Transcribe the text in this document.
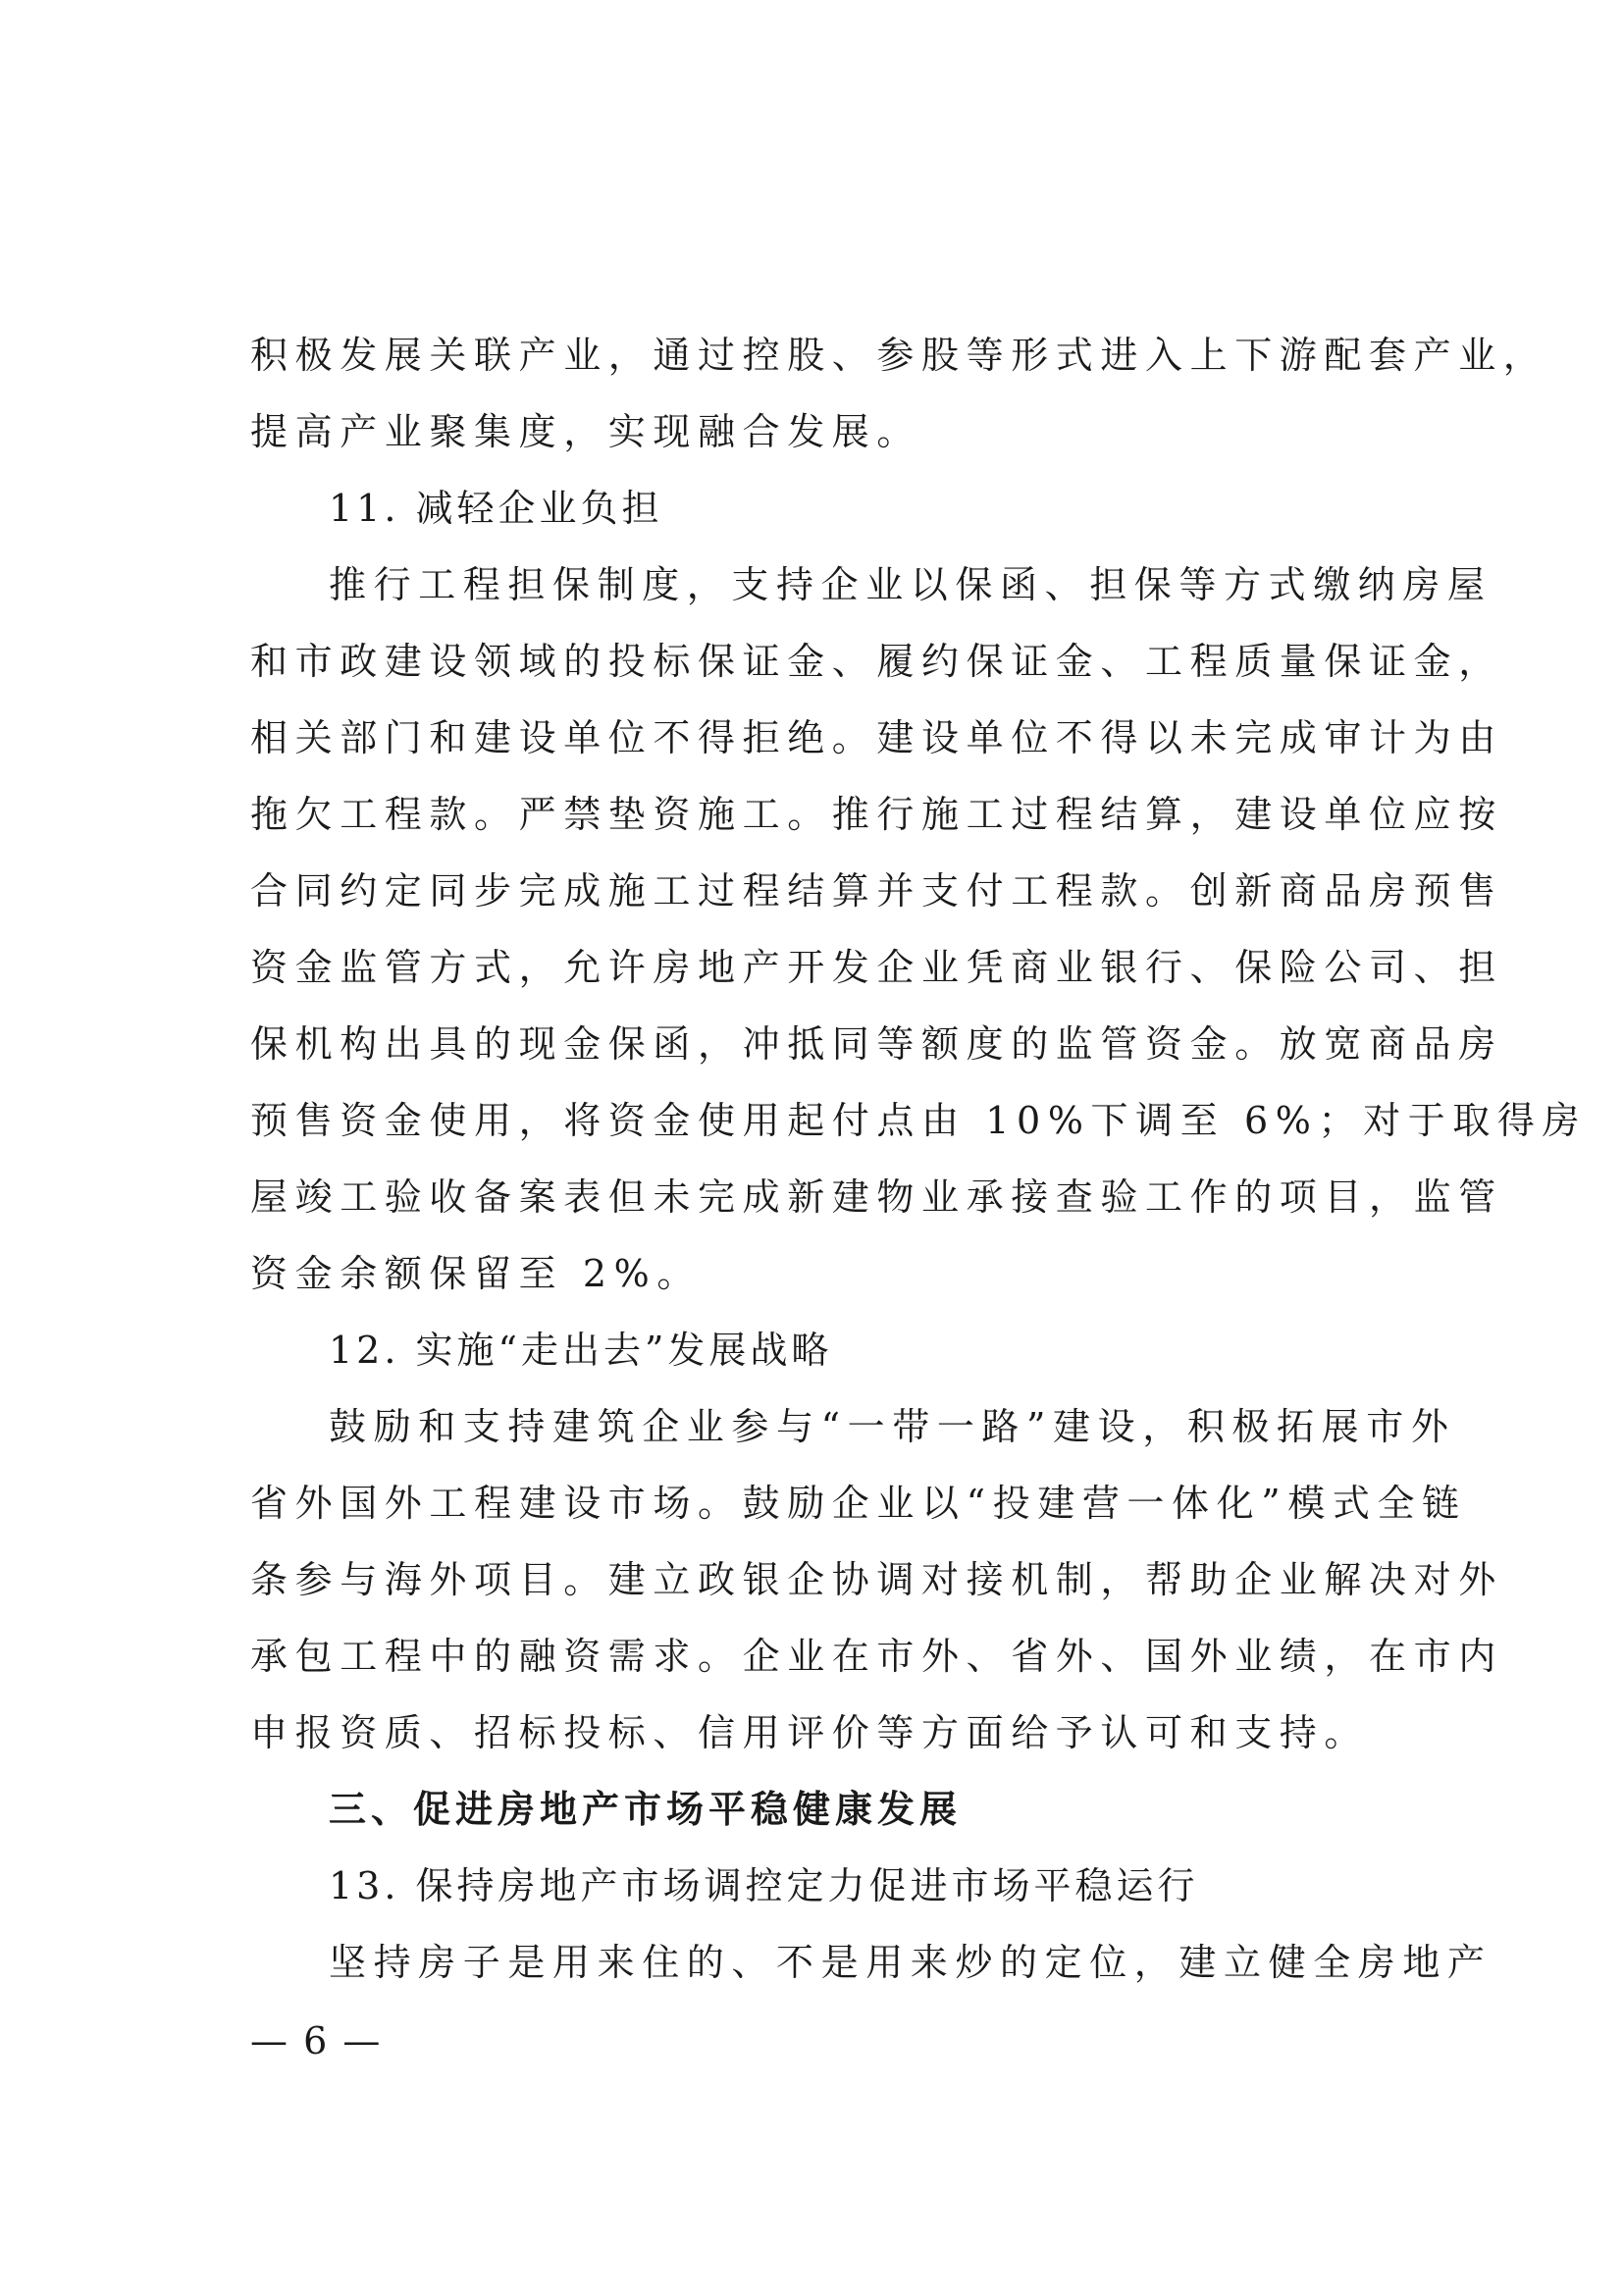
积极发展关联产业，通过控股、参股等形式进入上下游配套产业，
提高产业聚集度，实现融合发展。
11. 减轻企业负担
推行工程担保制度，支持企业以保函、担保等方式缴纳房屋
和市政建设领域的投标保证金、履约保证金、工程质量保证金，
相关部门和建设单位不得拒绝。建设单位不得以未完成审计为由
拖欠工程款。严禁垫资施工。推行施工过程结算，建设单位应按
合同约定同步完成施工过程结算并支付工程款。创新商品房预售
资金监管方式，允许房地产开发企业凭商业银行、保险公司、担
保机构出具的现金保函，冲抵同等额度的监管资金。放宽商品房
预售资金使用，将资金使用起付点由 10%下调至 6%；对于取得房
屋竣工验收备案表但未完成新建物业承接查验工作的项目，监管
资金余额保留至 2%。
12. 实施“走出去”发展战略
鼓励和支持建筑企业参与“一带一路”建设，积极拓展市外
省外国外工程建设市场。鼓励企业以“投建营一体化”模式全链
条参与海外项目。建立政银企协调对接机制，帮助企业解决对外
承包工程中的融资需求。企业在市外、省外、国外业绩，在市内
申报资质、招标投标、信用评价等方面给予认可和支持。
三、促进房地产市场平稳健康发展
13. 保持房地产市场调控定力促进市场平稳运行
坚持房子是用来住的、不是用来炒的定位，建立健全房地产
— 6 —
